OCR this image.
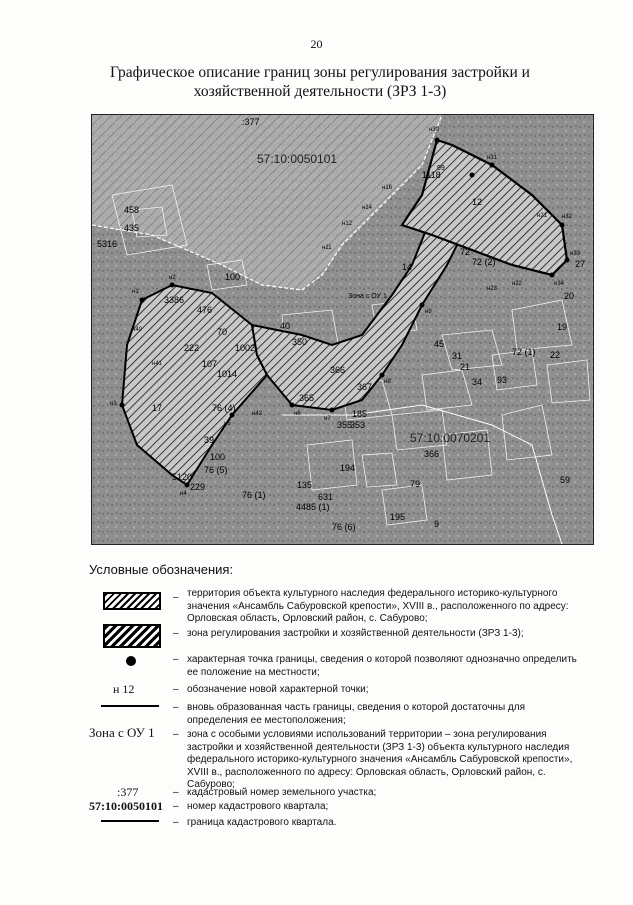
20
Графическое описание границ зоны регулирования застройки и
хозяйственной деятельности (ЗРЗ 1-3)
:377
57:10:0050101
57:10:0070201
Зона с ОУ 1
458
435
5316
100
3386
476
70
40
350
1002
222
107
1014
17
39
366
367
365
185
353
355
194
135
631
195
366
79
9
59
22
19
20
27
21
31
34 93
45
14
72
12
100
229
5120
1118
4485 (1)
76 (4)
76 (5)
76 (1)
76 (6)
72 (2)
72 (1)
99
н30
н31
н32
н33
н34
н1
н2
н3
н4
н5
н6
н7
н8
н9
н16
н14
н12
н11
н40
н41
н42
н21
н22
н23
Условные обозначения:
– территория объекта культурного наследия федерального историко-культурного значения «Ансамбль Сабуровской крепости», XVIII в., расположенного по адресу: Орловская область, Орловский район, с. Сабурово;
– зона регулирования застройки и хозяйственной деятельности (ЗРЗ 1-3);
– характерная точка границы, сведения о которой позволяют однозначно определить ее положение на местности;
н 12	– обозначение новой характерной точки;
– вновь образованная часть границы, сведения о которой достаточны для определения ее местоположения;
Зона с ОУ 1 – зона с особыми условиями использований территории – зона регулирования застройки и хозяйственной деятельности (ЗРЗ 1-3) объекта культурного наследия федерального историко-культурного значения «Ансамбль Сабуровской крепости», XVIII в., расположенного по адресу: Орловская область, Орловский район, с. Сабурово;
:377	– кадастровый номер земельного участка;
57:10:0050101 – номер кадастрового квартала;
– граница кадастрового квартала.
